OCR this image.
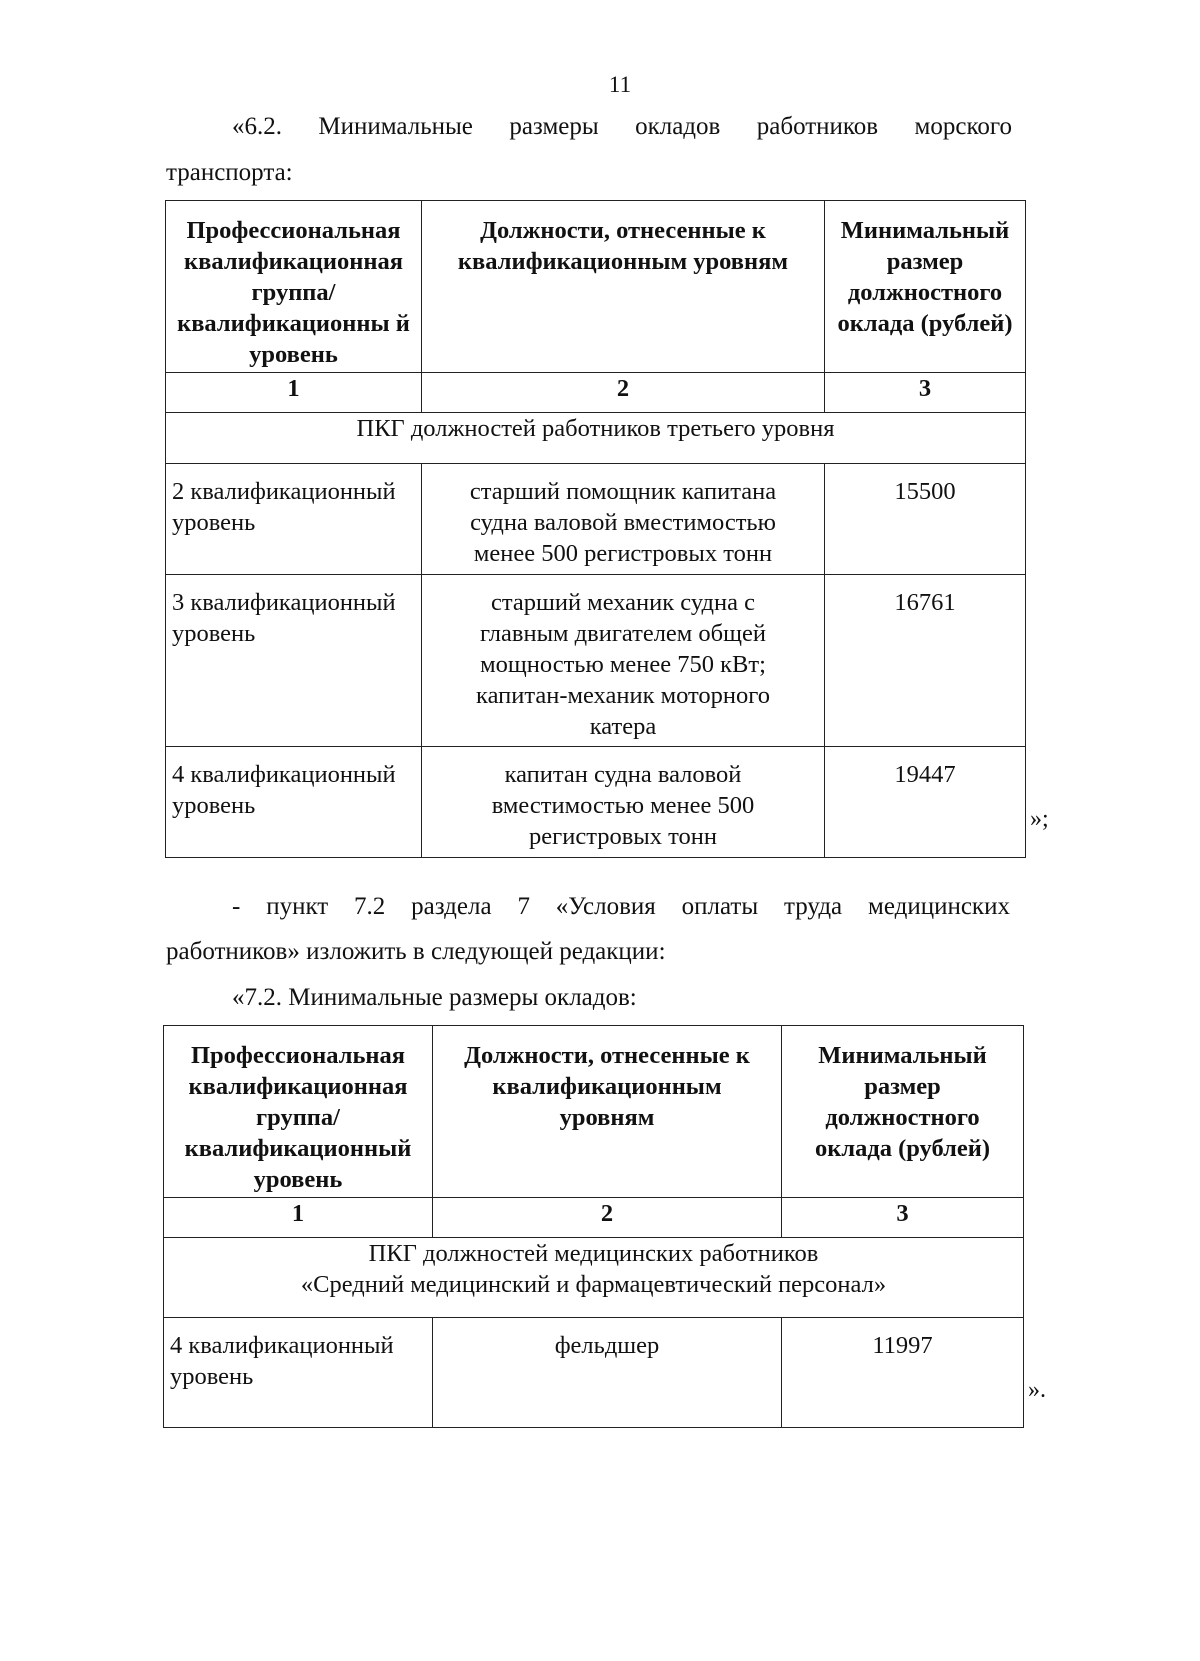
11
«6.2. Минимальные размеры окладов работников морского
транспорта:
Профессиональная квалификационная группа/ квалификационны й уровень	Должности, отнесенные к квалификационным уровням	Минимальный размер должностного оклада (рублей)
1	2	3
ПКГ должностей работников третьего уровня		
2 квалификационный уровень	старший помощник капитана судна валовой вместимостью менее 500 регистровых тонн	15500
3 квалификационный уровень	старший механик судна с главным двигателем общей мощностью менее 750 кВт; капитан-механик моторного катера	16761
4 квалификационный уровень	капитан судна валовой вместимостью менее 500 регистровых тонн	19447
»;
- пункт 7.2 раздела 7 «Условия оплаты труда медицинских
работников» изложить в следующей редакции:
«7.2. Минимальные размеры окладов:
Профессиональная квалификационная группа/ квалификационный уровень	Должности, отнесенные к квалификационным уровням	Минимальный размер должностного оклада (рублей)
1	2	3

ПКГ должностей медицинских работников
«Средний медицинский и фармацевтический персонал»		

4 квалификационный уровень	фельдшер	11997
».
